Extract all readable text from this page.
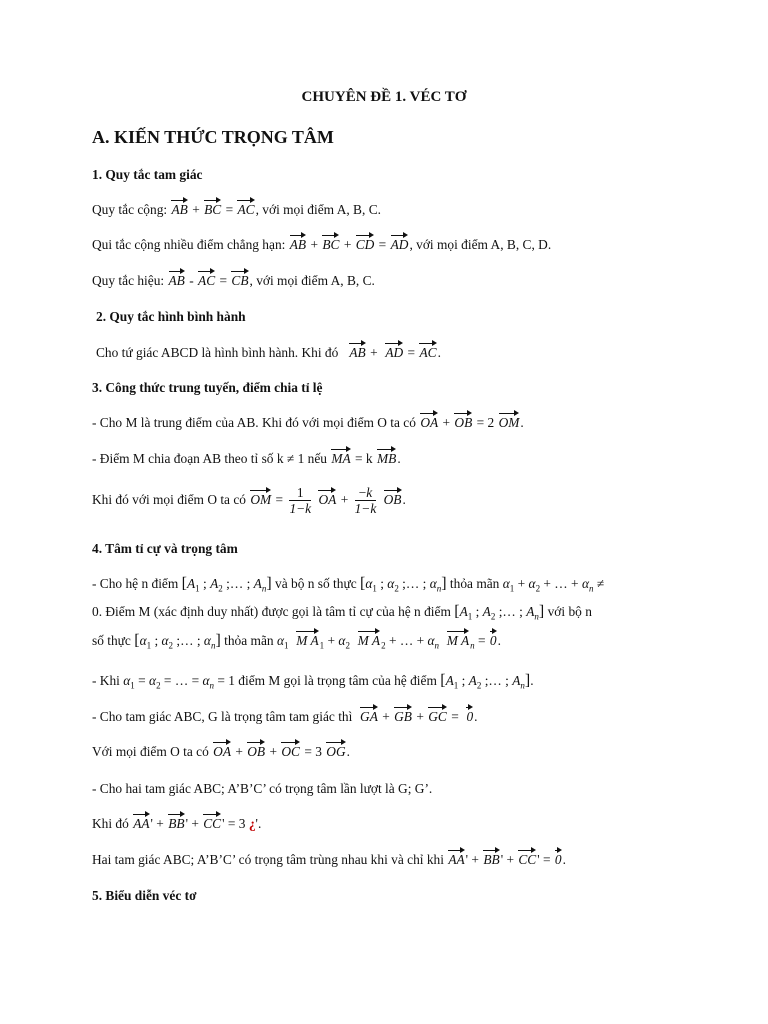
CHUYÊN ĐỀ 1. VÉC TƠ
A. KIẾN THỨC TRỌNG TÂM
1. Quy tắc tam giác
Quy tắc cộng: AB + BC = AC, với mọi điểm A, B, C.
Qui tắc cộng nhiều điểm chẳng hạn: AB + BC + CD = AD, với mọi điểm A, B, C, D.
Quy tắc hiệu: AB - AC = CB, với mọi điểm A, B, C.
2. Quy tắc hình bình hành
Cho tứ giác ABCD là hình bình hành. Khi đó AB +  AD = AC.
3. Công thức trung tuyến, điểm chia tỉ lệ
- Cho M là trung điểm của AB. Khi đó với mọi điểm O ta có OA + OB = 2 OM.
- Điểm M chia đoạn AB theo tỉ số k ≠ 1 nếu MA = k MB.
Khi đó với mọi điểm O ta có OM = $\frac{1}{1-k}$ OA + $\frac{-k}{1-k}$ OB.
4. Tâm tỉ cự và trọng tâm
- Cho hệ n điểm [$A_1$ ; $A_2$ ;… ; $A_n$] và bộ n số thực [$\alpha_1$ ; $\alpha_2$ ;… ; $\alpha_n$] thỏa mãn $\alpha_1 + \alpha_2$ + … + $\alpha_n$ ≠
0. Điểm M (xác định duy nhất) được gọi là tâm tỉ cự của hệ n điểm [$A_1$ ; $A_2$ ;… ; $A_n$] với bộ n
số thực [$\alpha_1$ ; $\alpha_2$ ;… ; $\alpha_n$] thỏa mãn $\alpha_1$ M $A_1 + \alpha_2$ M $A_2$ + … + $\alpha_n$ M $A_n = 0$.
- Khi $\alpha_1 = \alpha_2$ = … = $\alpha_n = 1$ điểm M gọi là trọng tâm của hệ điểm [$A_1$ ; $A_2$ ;… ; $A_n$].
- Cho tam giác ABC, G là trọng tâm tam giác thì GA + GB + GC =  0.
Với mọi điểm O ta có OA + OB + OC = 3 OG.
- Cho hai tam giác ABC; A’B’C’ có trọng tâm lần lượt là G; G’.
Khi đó AA' + BB' + CC' = 3 ¿'.
Hai tam giác ABC; A’B’C’ có trọng tâm trùng nhau khi và chỉ khi AA' + BB' + CC' = 0.
5. Biểu diễn véc tơ
